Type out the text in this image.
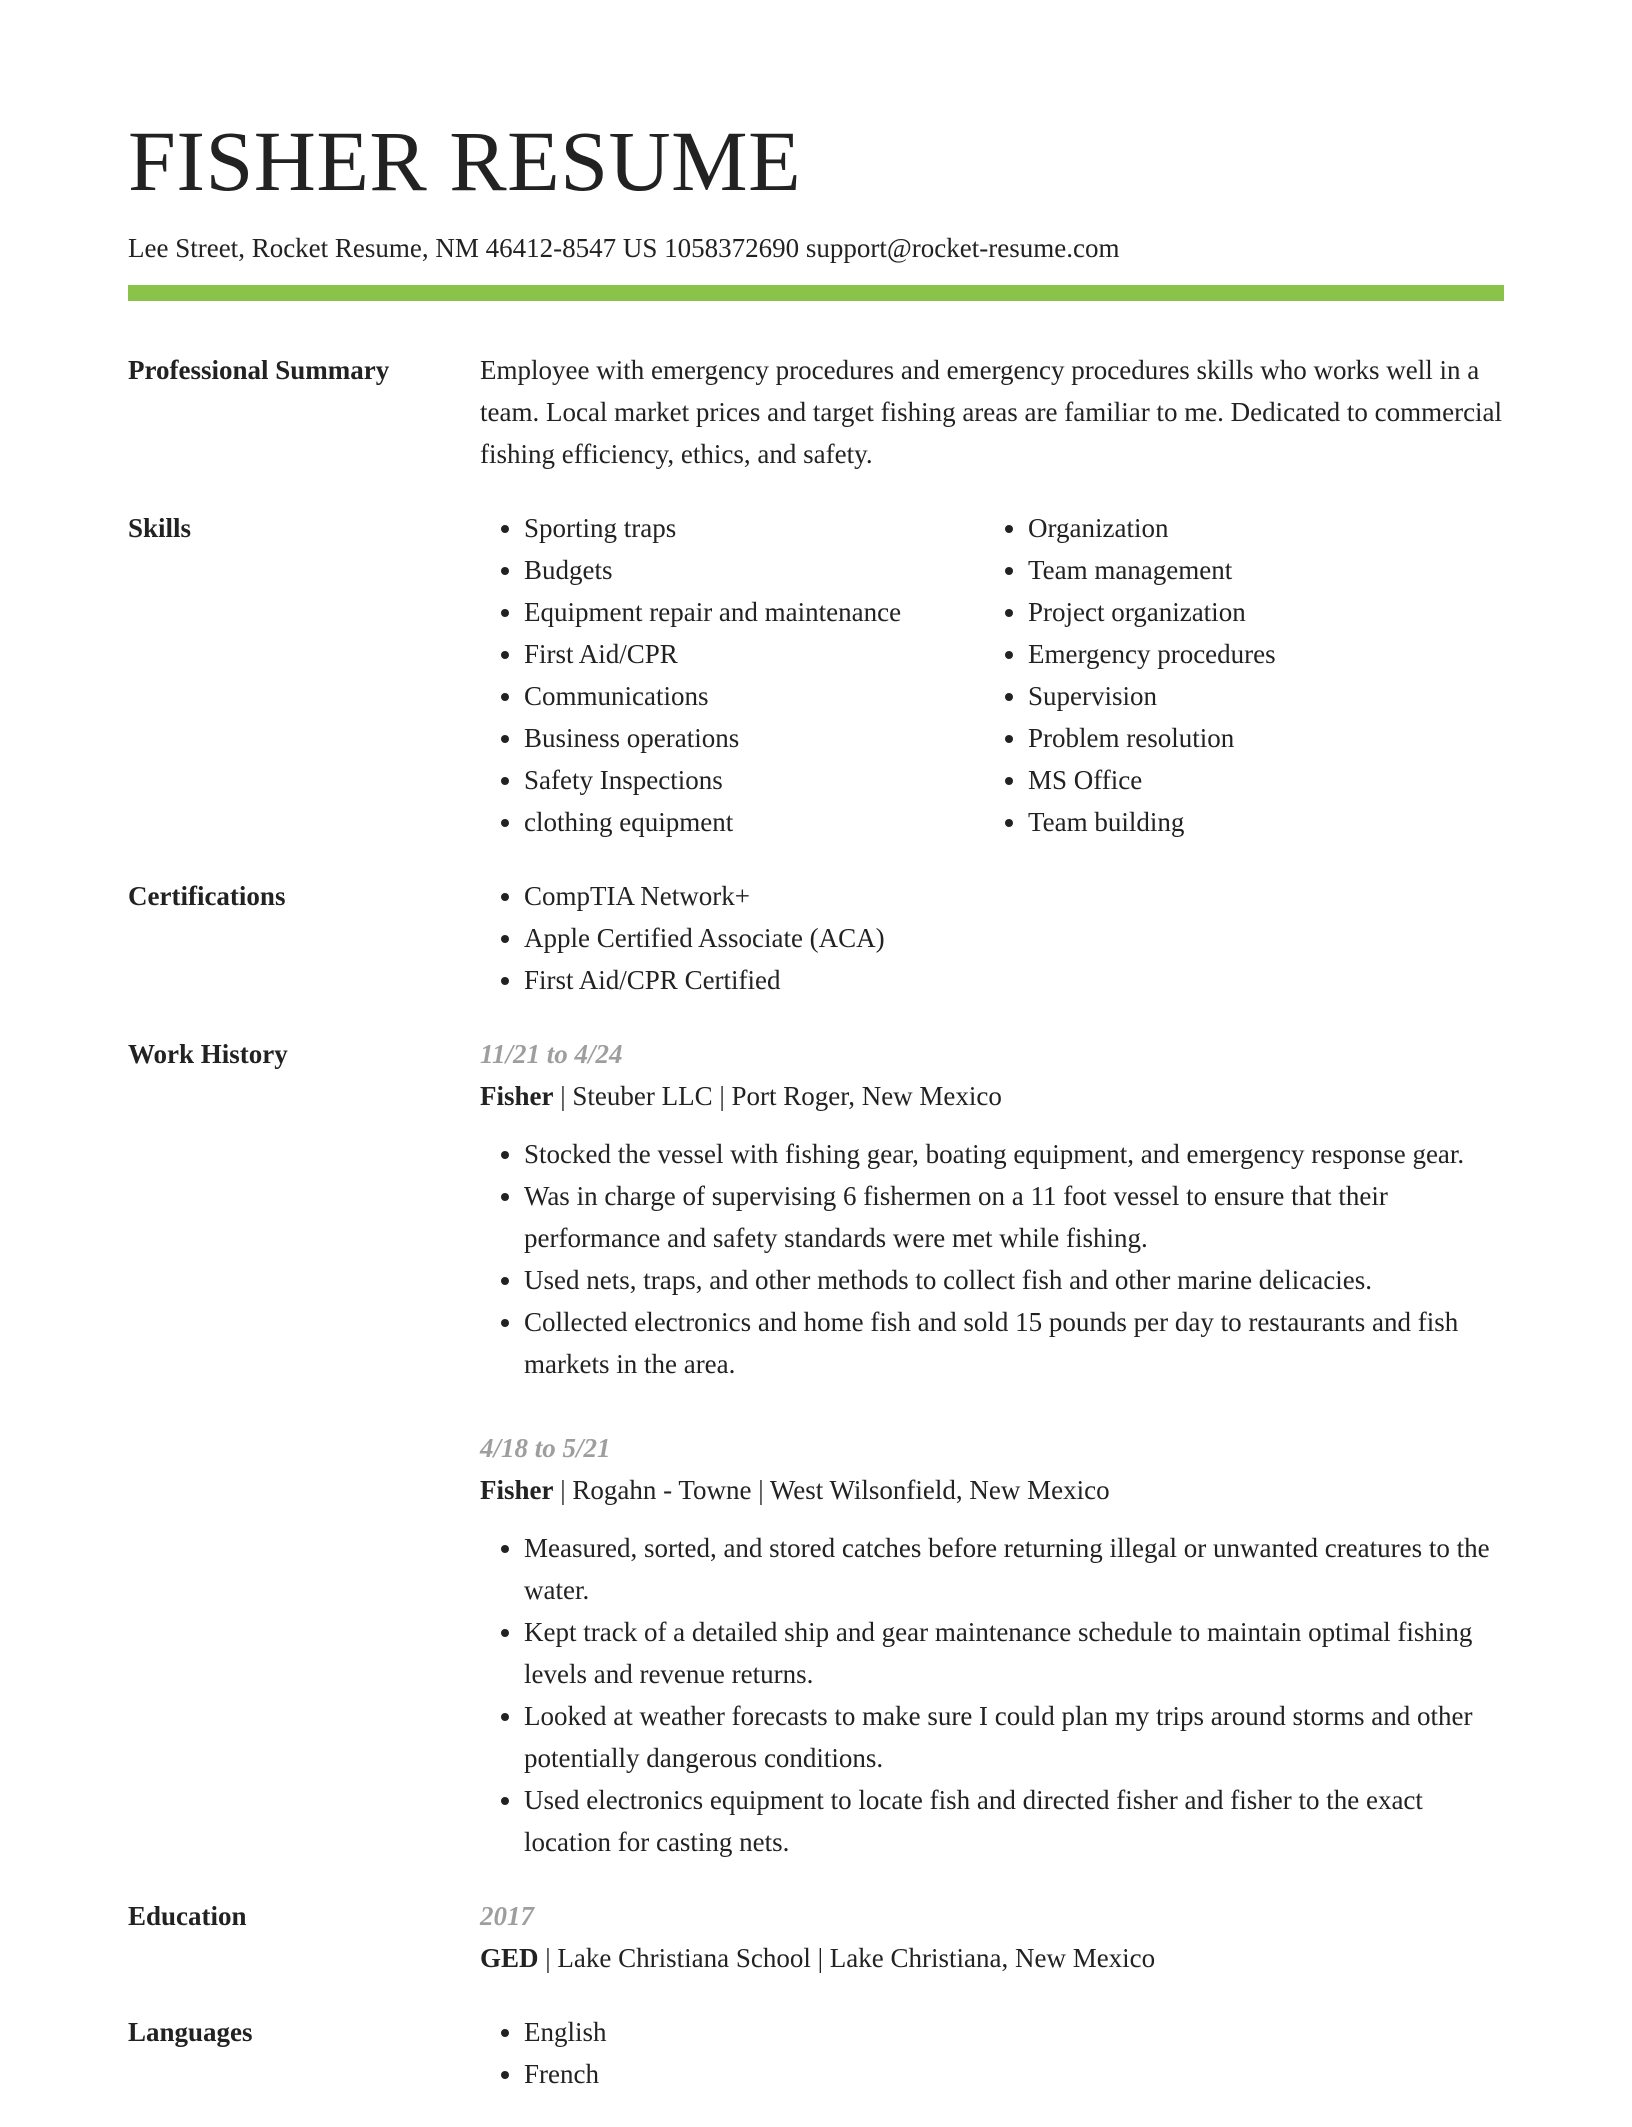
FISHER RESUME
Lee Street, Rocket Resume, NM 46412-8547 US 1058372690 support@rocket-resume.com
Professional Summary	Employee with emergency procedures and emergency procedures skills who works well in a team. Local market prices and target fishing areas are familiar to me. Dedicated to commercial fishing efficiency, ethics, and safety.

Skills	• Sporting traps
• Budgets
• Equipment repair and maintenance
• First Aid/CPR
• Communications
• Business operations
• Safety Inspections
• clothing equipment
• Organization
• Team management
• Project organization
• Emergency procedures
• Supervision
• Problem resolution
• MS Office
• Team building
Certifications	• CompTIA Network+
• Apple Certified Associate (ACA)
• First Aid/CPR Certified
Work History	11/21 to 4/24
Fisher | Steuber LLC | Port Roger, New Mexico
• Stocked the vessel with fishing gear, boating equipment, and emergency response gear.
• Was in charge of supervising 6 fishermen on a 11 foot vessel to ensure that their performance and safety standards were met while fishing.
• Used nets, traps, and other methods to collect fish and other marine delicacies.
• Collected electronics and home fish and sold 15 pounds per day to restaurants and fish markets in the area.
4/18 to 5/21
Fisher | Rogahn - Towne | West Wilsonfield, New Mexico
• Measured, sorted, and stored catches before returning illegal or unwanted creatures to the water.
• Kept track of a detailed ship and gear maintenance schedule to maintain optimal fishing levels and revenue returns.
• Looked at weather forecasts to make sure I could plan my trips around storms and other potentially dangerous conditions.
• Used electronics equipment to locate fish and directed fisher and fisher to the exact location for casting nets.
Education	2017
GED | Lake Christiana School | Lake Christiana, New Mexico
Languages	• English
• French
